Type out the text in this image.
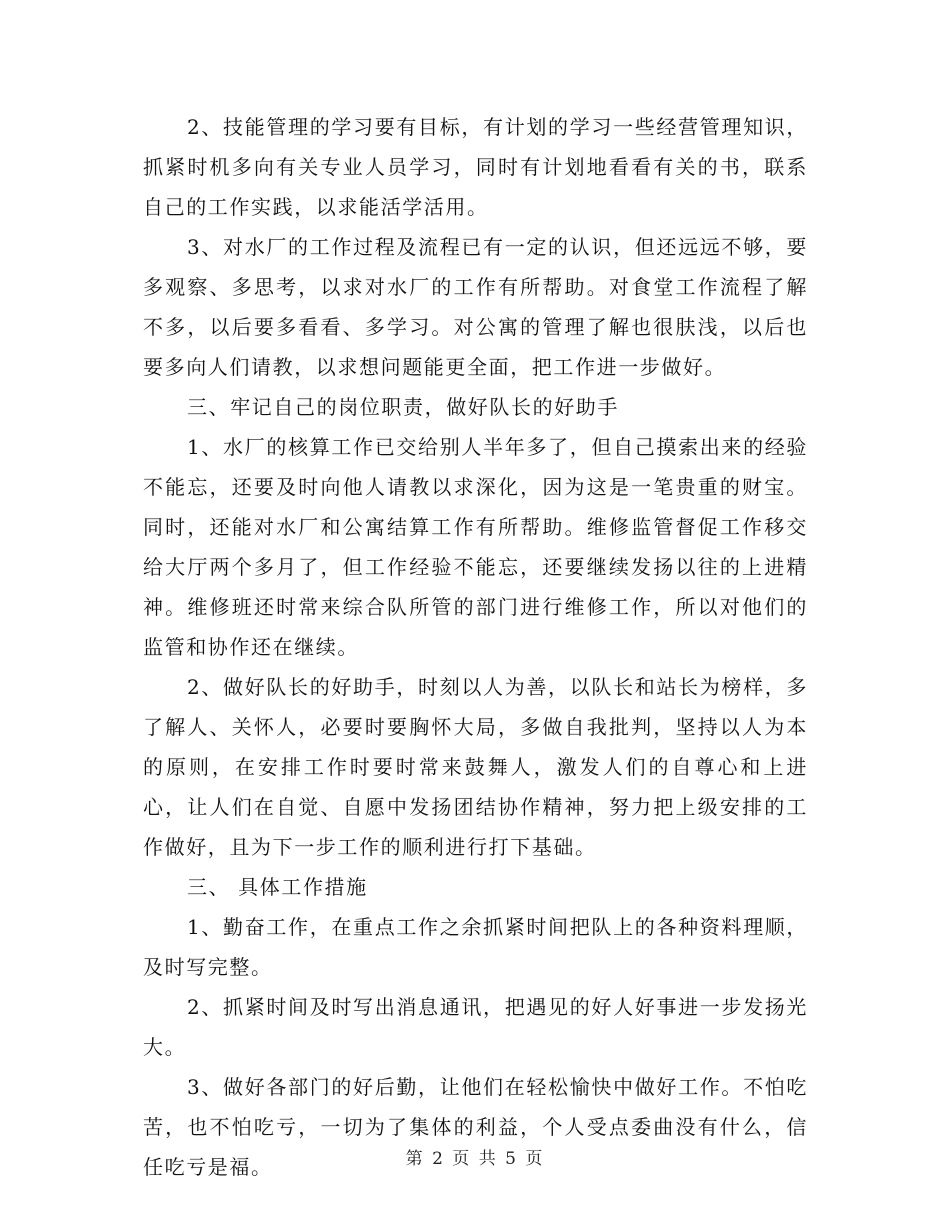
2、技能管理的学习要有目标，有计划的学习一些经营管理知识，抓紧时机多向有关专业人员学习，同时有计划地看看有关的书，联系自己的工作实践，以求能活学活用。

3、对水厂的工作过程及流程已有一定的认识，但还远远不够，要多观察、多思考，以求对水厂的工作有所帮助。对食堂工作流程了解不多，以后要多看看、多学习。对公寓的管理了解也很肤浅，以后也要多向人们请教，以求想问题能更全面，把工作进一步做好。

三、牢记自己的岗位职责，做好队长的好助手

1、水厂的核算工作已交给别人半年多了，但自己摸索出来的经验不能忘，还要及时向他人请教以求深化，因为这是一笔贵重的财宝。同时，还能对水厂和公寓结算工作有所帮助。维修监管督促工作移交给大厅两个多月了，但工作经验不能忘，还要继续发扬以往的上进精神。维修班还时常来综合队所管的部门进行维修工作，所以对他们的监管和协作还在继续。

2、做好队长的好助手，时刻以人为善，以队长和站长为榜样，多了解人、关怀人，必要时要胸怀大局，多做自我批判，坚持以人为本的原则，在安排工作时要时常来鼓舞人，激发人们的自尊心和上进心，让人们在自觉、自愿中发扬团结协作精神，努力把上级安排的工作做好，且为下一步工作的顺利进行打下基础。

三、 具体工作措施

1、勤奋工作，在重点工作之余抓紧时间把队上的各种资料理顺，及时写完整。

2、抓紧时间及时写出消息通讯，把遇见的好人好事进一步发扬光大。

3、做好各部门的好后勤，让他们在轻松愉快中做好工作。不怕吃苦，也不怕吃亏，一切为了集体的利益，个人受点委曲没有什么，信任吃亏是福。	第 2 页 共 5 页
